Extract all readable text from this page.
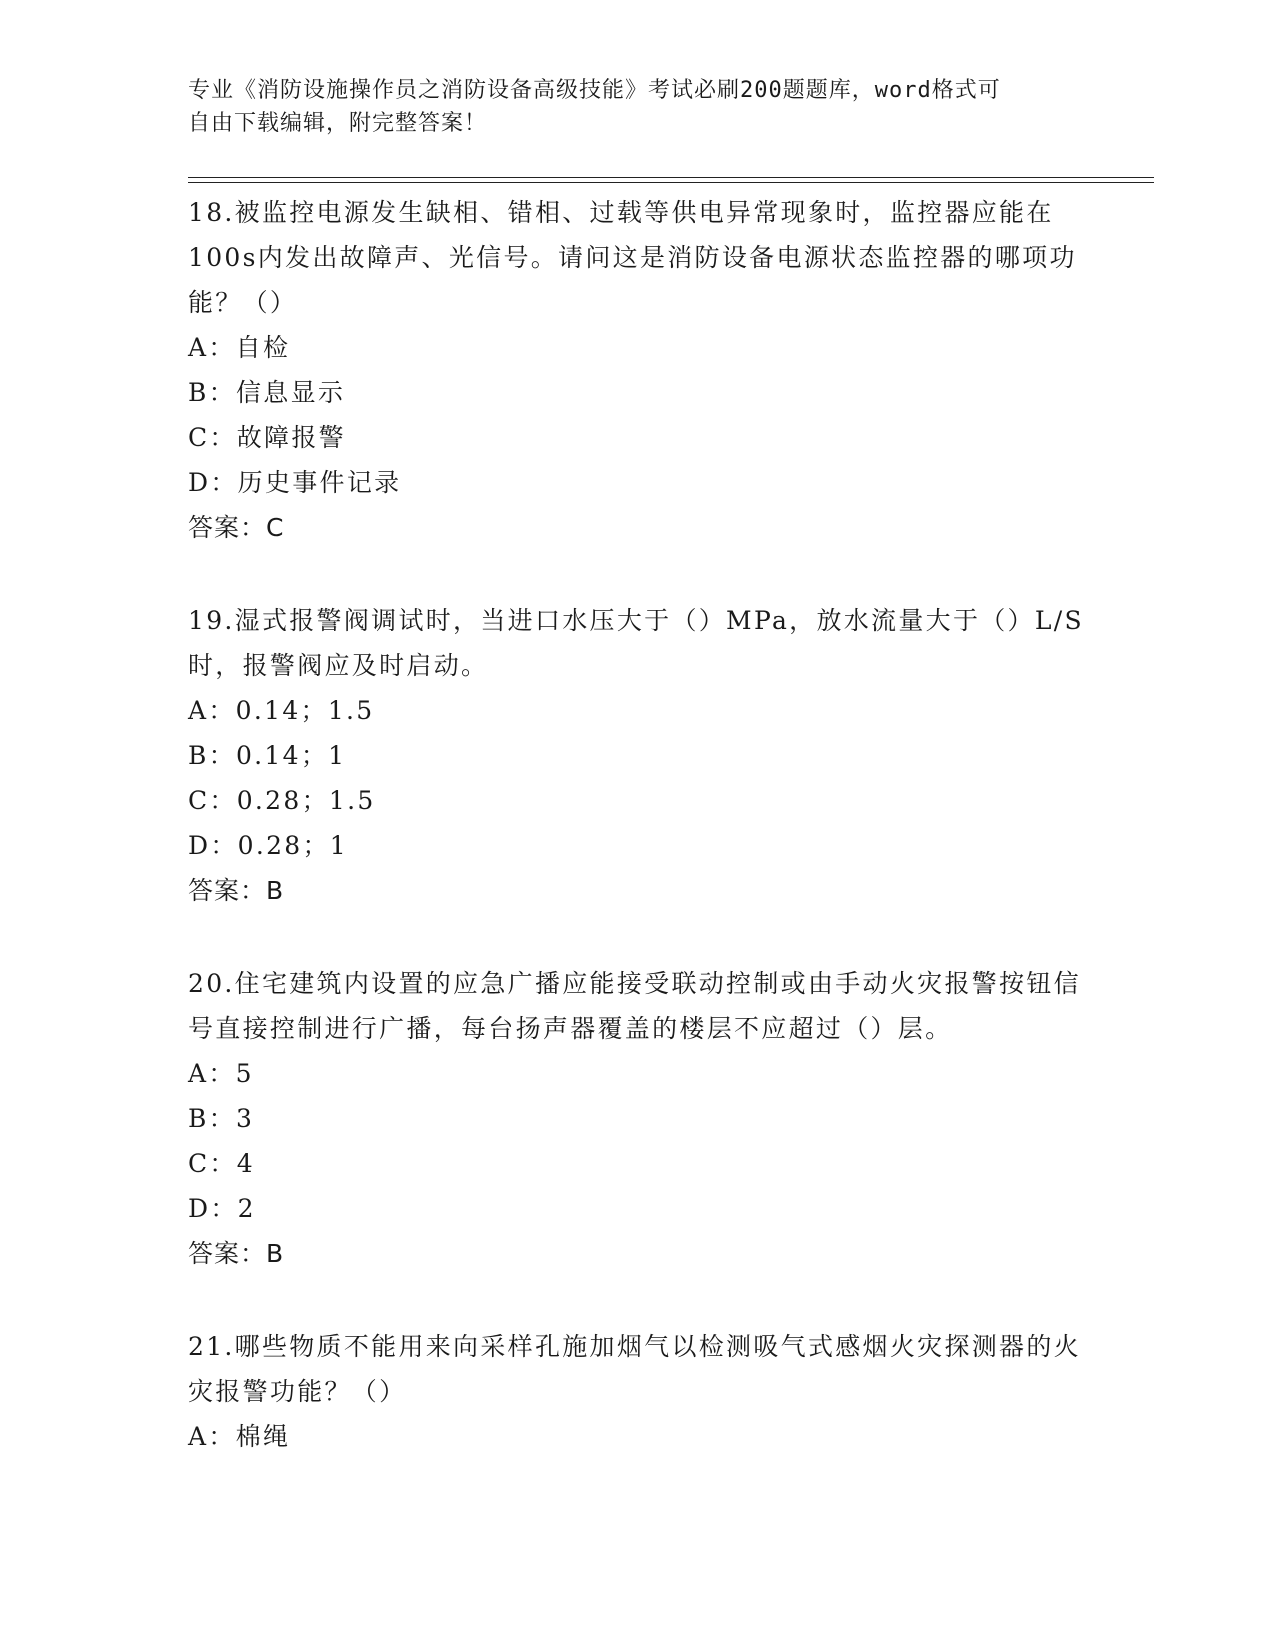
专业《消防设施操作员之消防设备高级技能》考试必刷200题题库，word格式可
自由下载编辑，附完整答案！

18.被监控电源发生缺相、错相、过载等供电异常现象时，监控器应能在100s内发出故障声、光信号。请问这是消防设备电源状态监控器的哪项功能？（）

A：自检
B：信息显示
C：故障报警
D：历史事件记录
答案：C

19.湿式报警阀调试时，当进口水压大于（）MPa，放水流量大于（）L/S时，报警阀应及时启动。

A：0.14；1.5
B：0.14；1
C：0.28；1.5
D：0.28；1
答案：B

20.住宅建筑内设置的应急广播应能接受联动控制或由手动火灾报警按钮信号直接控制进行广播，每台扬声器覆盖的楼层不应超过（）层。

A：5
B：3
C：4
D：2
答案：B

21.哪些物质不能用来向采样孔施加烟气以检测吸气式感烟火灾探测器的火灾报警功能？（）

A：棉绳
